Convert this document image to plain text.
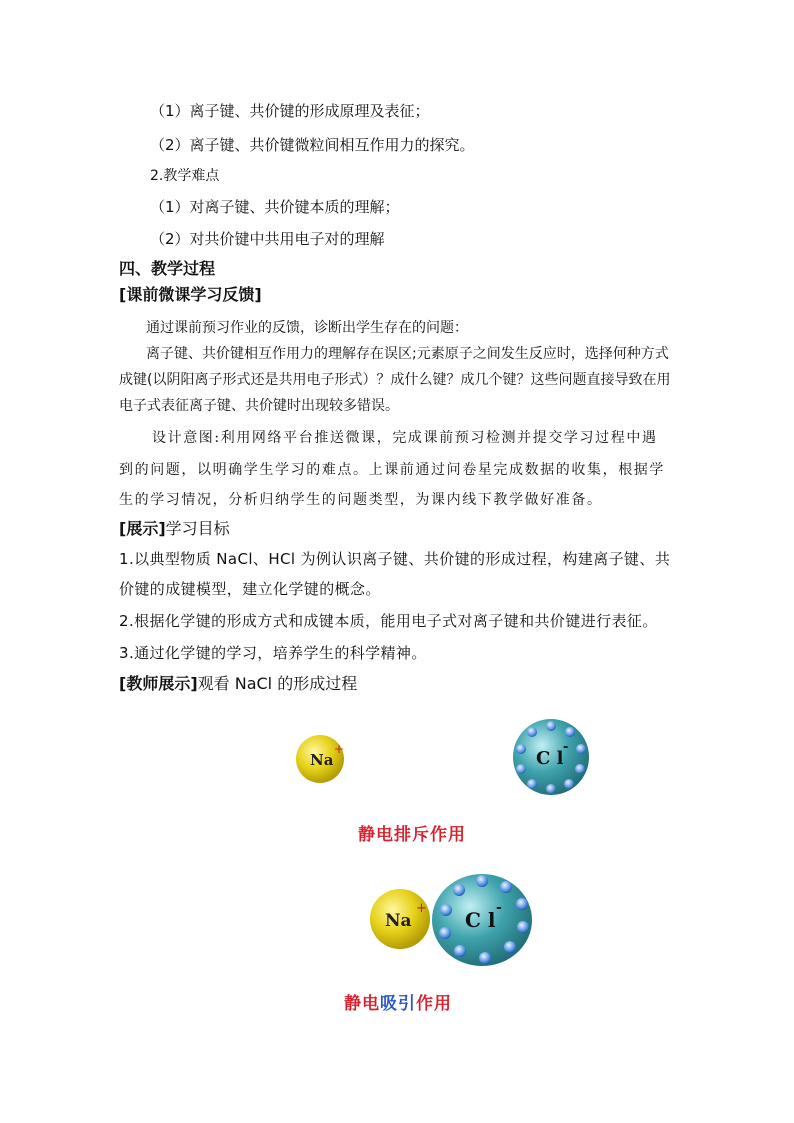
（1）离子键、共价键的形成原理及表征；
（2）离子键、共价键微粒间相互作用力的探究。
2.教学难点
（1）对离子键、共价键本质的理解；
（2）对共价键中共用电子对的理解
四、教学过程
[课前微课学习反馈]
通过课前预习作业的反馈，诊断出学生存在的问题：
离子键、共价键相互作用力的理解存在误区;元素原子之间发生反应时，选择何种方式
成键(以阴阳离子形式还是共用电子形式）？成什么键？成几个键？这些问题直接导致在用
电子式表征离子键、共价键时出现较多错误。
设计意图:利用网络平台推送微课，完成课前预习检测并提交学习过程中遇
到的问题，以明确学生学习的难点。上课前通过问卷星完成数据的收集，根据学
生的学习情况，分析归纳学生的问题类型，为课内线下教学做好准备。
[展示]学习目标
1.以典型物质 NaCl、HCl 为例认识离子键、共价键的形成过程，构建离子键、共
价键的成键模型，建立化学键的概念。
2.根据化学键的形成方式和成键本质，能用电子式对离子键和共价键进行表征。
3.通过化学键的学习，培养学生的科学精神。
[教师展示]观看 NaCl 的形成过程
Na
+	C l
-
静电排斥作用
Na
+ C l -
静电吸引作用
